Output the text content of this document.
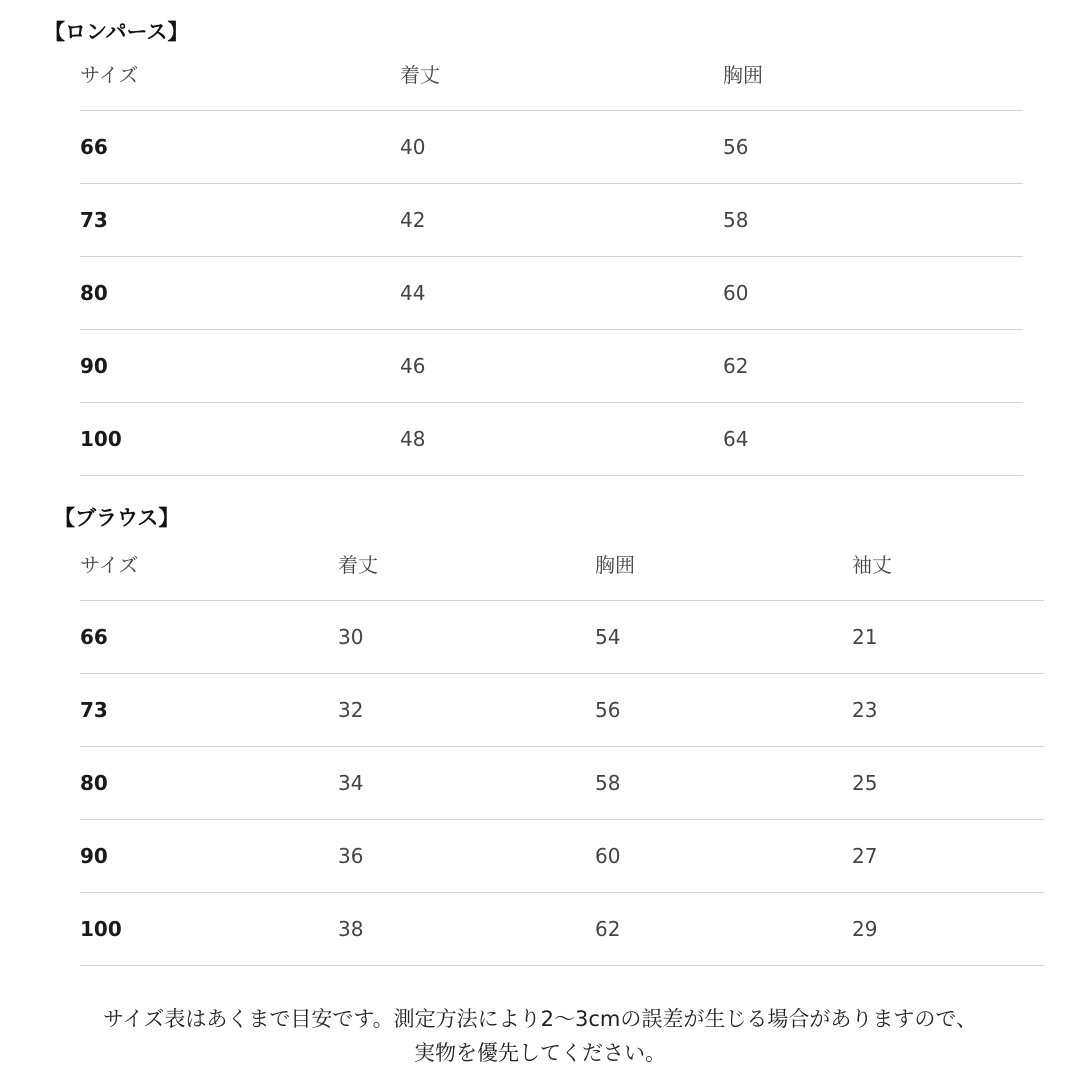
【ロンパース】
サイズ	着丈	胸囲
66	40	56
73	42	58
80	44	60
90	46	62
100	48	64
【ブラウス】
サイズ	着丈	胸囲	袖丈
66	30	54	21
73	32	56	23
80	34	58	25
90	36	60	27
100	38	62	29

サイズ表はあくまで目安です。測定方法により2〜3cmの誤差が生じる場合がありますので、
実物を優先してください。
